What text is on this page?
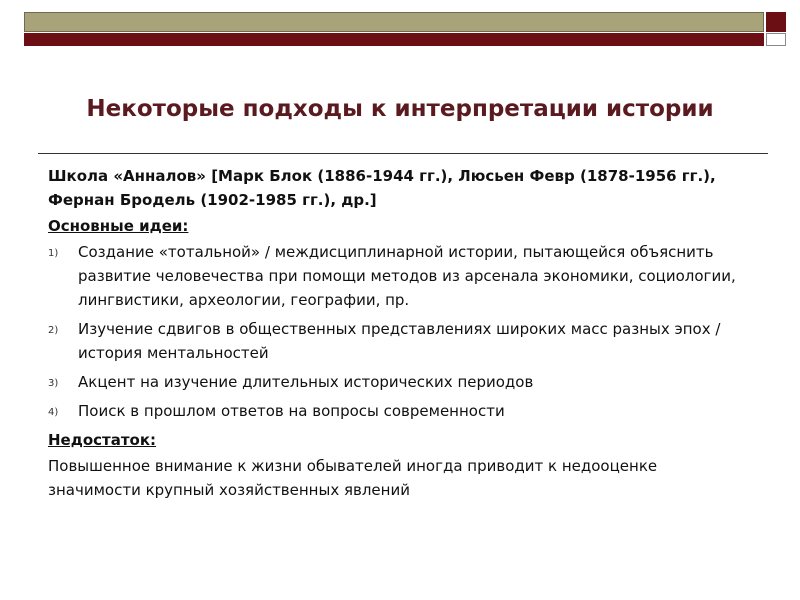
Некоторые подходы к интерпретации истории
Школа «Анналов» [Марк Блок (1886-1944 гг.), Люсьен Февр (1878-1956 гг.),
Фернан Бродель (1902-1985 гг.), др.]
Основные идеи:
1) Создание «тотальной» / междисциплинарной истории, пытающейся объяснить развитие человечества при помощи методов из арсенала экономики, социологии, лингвистики, археологии, географии, пр.
2) Изучение сдвигов в общественных представлениях широких масс разных эпох / история ментальностей
3) Акцент на изучение длительных исторических периодов
4) Поиск в прошлом ответов на вопросы современности
Недостаток:
Повышенное внимание к жизни обывателей иногда приводит к недооценке значимости крупный хозяйственных явлений
